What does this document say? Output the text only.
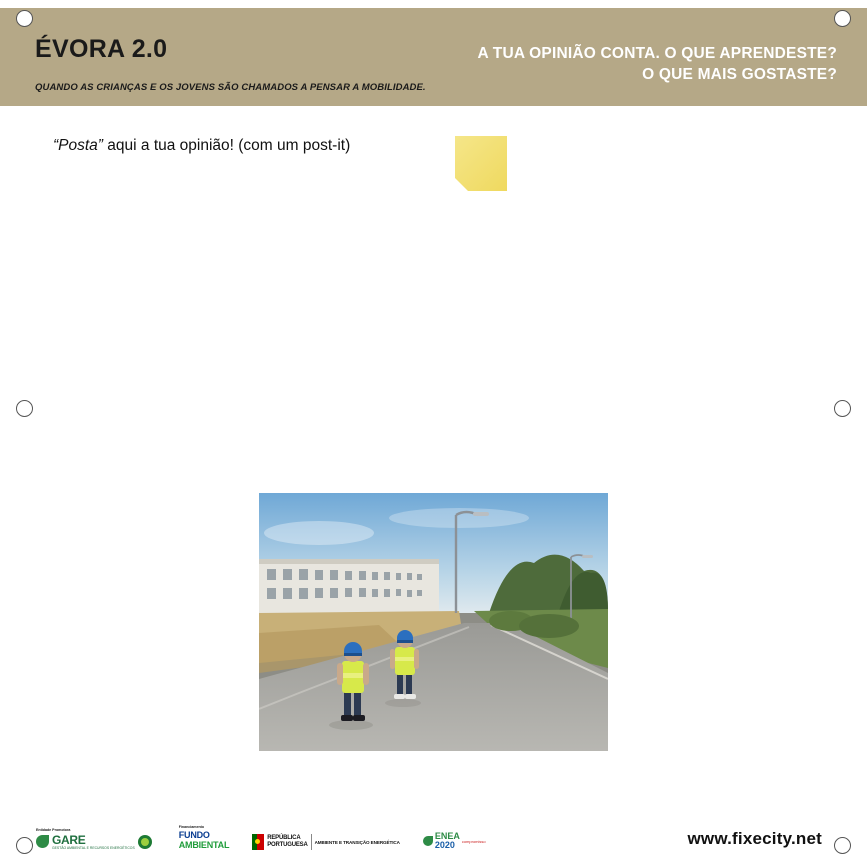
ÉVORA 2.0
QUANDO AS CRIANÇAS E OS JOVENS SÃO CHAMADOS A PENSAR A MOBILIDADE.
A TUA OPINIÃO CONTA. O QUE APRENDESTE?
O QUE MAIS GOSTASTE?
“Posta” aqui a tua opinião! (com um post-it)
Entidade Promotora
GARE
GESTÃO AMBIENTAL E RECURSOS ENERGÉTICOS
Financiamento
FUNDO
AMBIENTAL
REPÚBLICA
PORTUGUESA AMBIENTE E TRANSIÇÃO ENERGÉTICA
ENEA
2020	compromisso	www.fixecity.net
